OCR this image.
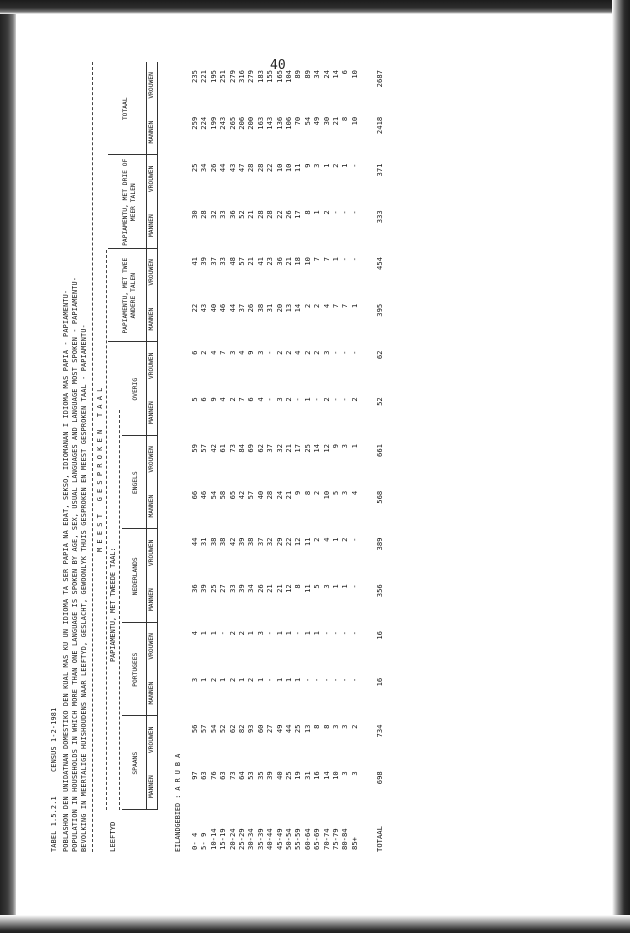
40
TABEL 1.5.2.1
CENSUS 1-2-1981 POBLASHON DEN UNIDATNAN DOMESTIKO DEN KUAL MAS KU UN IDIOMA TA SER PAPIA NA EDAT, SEKSO, IDIOMANAN I IDIOMA MAS PAPIA - PAPIAMENTU- POPULATION IN HOUSEHOLDS IN WHICH MORE THAN ONE LANGUAGE IS SPOKEN BY AGE, SEX, USUAL LANGUAGES AND LANGUAGE MOST SPOKEN - PAPIAMENTU- BEVOLKING IN MEERTALIGE HUISHOUDENS NAAR LEEFTYD, GESLACHT, GEWOONLYK THUIS GESPROKEN EN MEEST GESPROKEN TAAL - PAPIAMENTU-	LEEFTYD
M E E S T   G E S P R O K E N   T A A L
PAPIAMENTU, MET TWEEDE TAAL:
SPAANS
PORTUGEES
NEDERLANDS
ENGELS
OVERIG
PAPIAMENTU, MET TWEE ANDERE TALEN
PAPIAMENTU, MET DRIE OF MEER TALEN
TOTAAL
MANNEN
VROUWEN
MANNEN
VROUWEN
MANNEN
VROUWEN
MANNEN
VROUWEN
MANNEN
VROUWEN
MANNEN
VROUWEN
MANNEN
VROUWEN
MANNEN
VROUWEN
EILANDGEBIED : A R U B A 0- 4
97
56
3
4
36
44
66
59
5
6
22
41
30
25
259
235
5- 9
63
57
1
1
39
31
46
57
6
2
43
39
28
34
224
221
10-14
76
54
2
1
25
38
54
42
9
4
40
37
32
26
199
195
15-19
63
52
1
-
27
38
58
61
4
7
46
33
33
44
243
251
20-24
73
62
2
2
33
42
65
73
2
3
44
48
36
43
265
279
25-29
64
82
1
2
39
39
42
84
7
4
37
57
52
47
206
316
30-34
53
93
2
1
34
38
57
69
6
9
26
21
21
28
200
279
35-39
35
60
1
3
26
37
40
62
4
3
38
41
28
28
163
183
40-44
39
27
-
-
21
32
28
37
-
-
31
23
28
22
143
155
45-49
40
49
1
1
21
29
24
32
3
2
20
36
22
10
136
165
50-54
25
44
1
1
12
22
21
21
2
2
13
21
26
10
106
104
55-59
19
25
1
-
8
12
9
17
-
4
14
18
17
11
70
89
60-64
31
13
-
1
11
11
8
25
1
2
2
10
8
9
54
89
65-69
16
8
-
1
5
2
2
14
-
2
2
7
1
3
49
34
70-74
14
8
-
-
3
4
10
12
2
3
4
7
2
1
30
24
75-79
10
3
-
-
1
1
5
9
-
-
7
1
-
2
21
14
80-84
3
3
-
-
1
2
3
3
-
-
7
-
-
1
8
6
85+
3
2
-
-
-
-
4
1
2
-
1
-
-
-
10
10
TOTAAL
698
734
16
16
356
389
568
661
52
62
395
454
333
371
2418
2687
